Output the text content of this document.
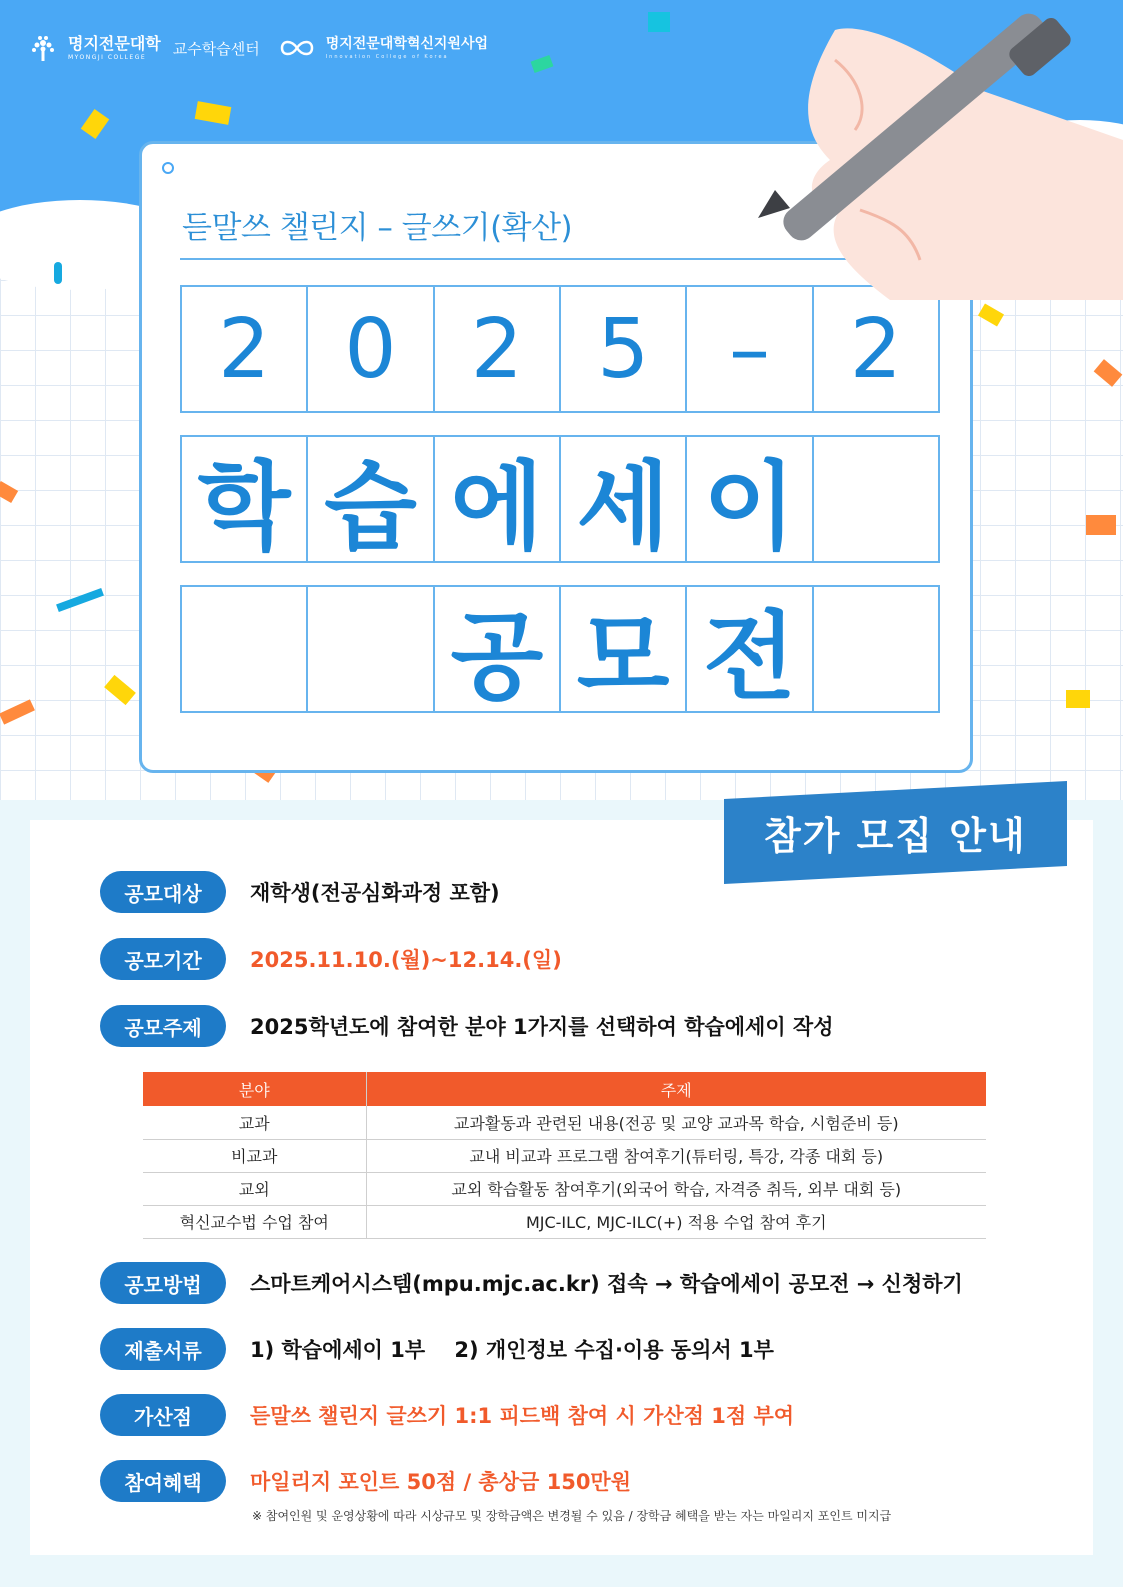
명지전문대학
MYONGJI COLLEGE	교수학습센터	명지전문대학혁신지원사업
Innovation College of Korea
듣말쓰 챌린지 – 글쓰기(확산)
2 0 2 5 – 2
학 습 에 세 이
공 모 전
참가 모집 안내
공모대상	재학생(전공심화과정 포함)
공모기간	2025.11.10.(월)~12.14.(일)
공모주제	2025학년도에 참여한 분야 1가지를 선택하여 학습에세이 작성
분야	주제
교과	교과활동과 관련된 내용(전공 및 교양 교과목 학습, 시험준비 등)
비교과	교내 비교과 프로그램 참여후기(튜터링, 특강, 각종 대회 등)
교외	교외 학습활동 참여후기(외국어 학습, 자격증 취득, 외부 대회 등)
혁신교수법 수업 참여	MJC-ILC, MJC-ILC(+) 적용 수업 참여 후기
공모방법	스마트케어시스템(mpu.mjc.ac.kr) 접속 → 학습에세이 공모전 → 신청하기
제출서류	1) 학습에세이 1부    2) 개인정보 수집·이용 동의서 1부
가산점	듣말쓰 챌린지 글쓰기 1:1 피드백 참여 시 가산점 1점 부여
참여혜택	마일리지 포인트 50점 / 총상금 150만원
※ 참여인원 및 운영상황에 따라 시상규모 및 장학금액은 변경될 수 있음 / 장학금 혜택을 받는 자는 마일리지 포인트 미지급
